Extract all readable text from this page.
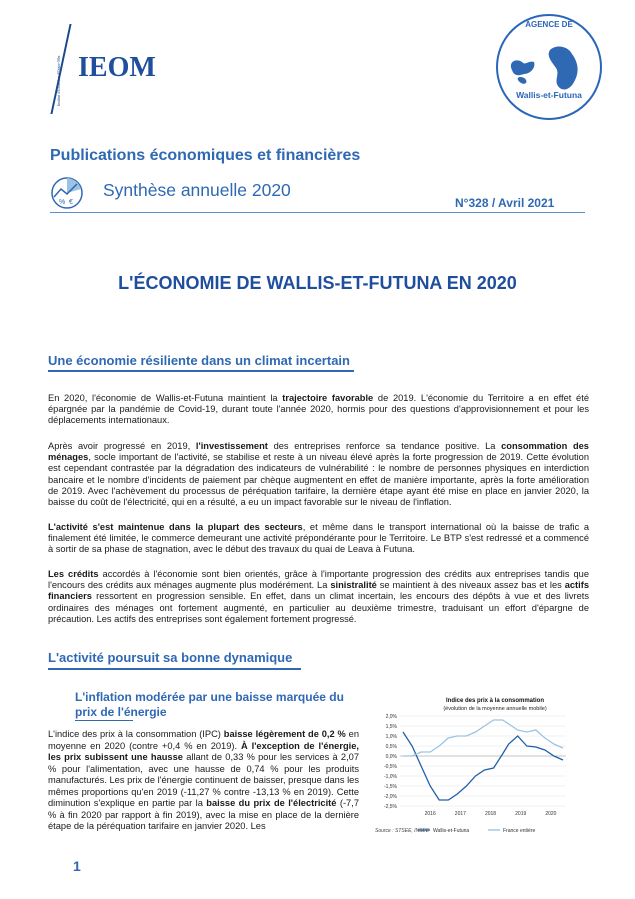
Institut d'Émission d'Outre-Mer IEOM
AGENCE DE
Wallis-et-Futuna
Publications économiques et financières
% €
Synthèse annuelle 2020
N°328 / Avril 2021
L'ÉCONOMIE DE WALLIS-ET-FUTUNA EN 2020
Une économie résiliente dans un climat incertain
En 2020, l'économie de Wallis-et-Futuna maintient la trajectoire favorable de 2019. L'économie du Territoire a en effet été épargnée par la pandémie de Covid-19, durant toute l'année 2020, hormis pour des questions d'approvisionnement et pour les déplacements internationaux.
Après avoir progressé en 2019, l'investissement des entreprises renforce sa tendance positive. La consommation des ménages, socle important de l'activité, se stabilise et reste à un niveau élevé après la forte progression de 2019. Cette évolution est cependant contrastée par la dégradation des indicateurs de vulnérabilité : le nombre de personnes physiques en interdiction bancaire et le nombre d'incidents de paiement par chèque augmentent en effet de manière importante, après la forte amélioration de 2019. Avec l'achèvement du processus de péréquation tarifaire, la dernière étape ayant été mise en place en janvier 2020, la baisse du coût de l'électricité, qui en a résulté, a eu un impact favorable sur le niveau de l'inflation.
L'activité s'est maintenue dans la plupart des secteurs, et même dans le transport international où la baisse de trafic a finalement été limitée, le commerce demeurant une activité prépondérante pour le Territoire. Le BTP s'est redressé et a commencé à sortir de sa phase de stagnation, avec le début des travaux du quai de Leava à Futuna.
Les crédits accordés à l'économie sont bien orientés, grâce à l'importante progression des crédits aux entreprises tandis que l'encours des crédits aux ménages augmente plus modérément. La sinistralité se maintient à des niveaux assez bas et les actifs financiers ressortent en progression sensible. En effet, dans un climat incertain, les encours des dépôts à vue et des livrets ordinaires des ménages ont fortement augmenté, en particulier au deuxième trimestre, traduisant un effort d'épargne de précaution. Les actifs des entreprises sont également fortement progressé.
L'activité poursuit sa bonne dynamique
L'inflation modérée par une baisse marquée du prix de l'énergie
L'indice des prix à la consommation (IPC) baisse légèrement de 0,2 % en moyenne en 2020 (contre +0,4 % en 2019). À l'exception de l'énergie, les prix subissent une hausse allant de 0,33 % pour les services à 2,07 % pour l'alimentation, avec une hausse de 0,74 % pour les produits manufacturés. Les prix de l'énergie continuent de baisser, presque dans les mêmes proportions qu'en 2019 (-11,27 % contre -13,13 % en 2019). Cette diminution s'explique en partie par la baisse du prix de l'électricité (-7,7 % à fin 2020 par rapport à fin 2019), avec la mise en place de la dernière étape de la péréquation tarifaire en janvier 2020. Les
Indice des prix à la consommation
(évolution de la moyenne annuelle mobile)
2,0%
1,5%
1,0%
0,5%
0,0%
-0,5%
-1,0%
-1,5%
-2,0%
-2,5%
2016	2017	2018	2019	2020
Wallis-et-Futuna	France entière
Source : STSEE, INSEE
1
